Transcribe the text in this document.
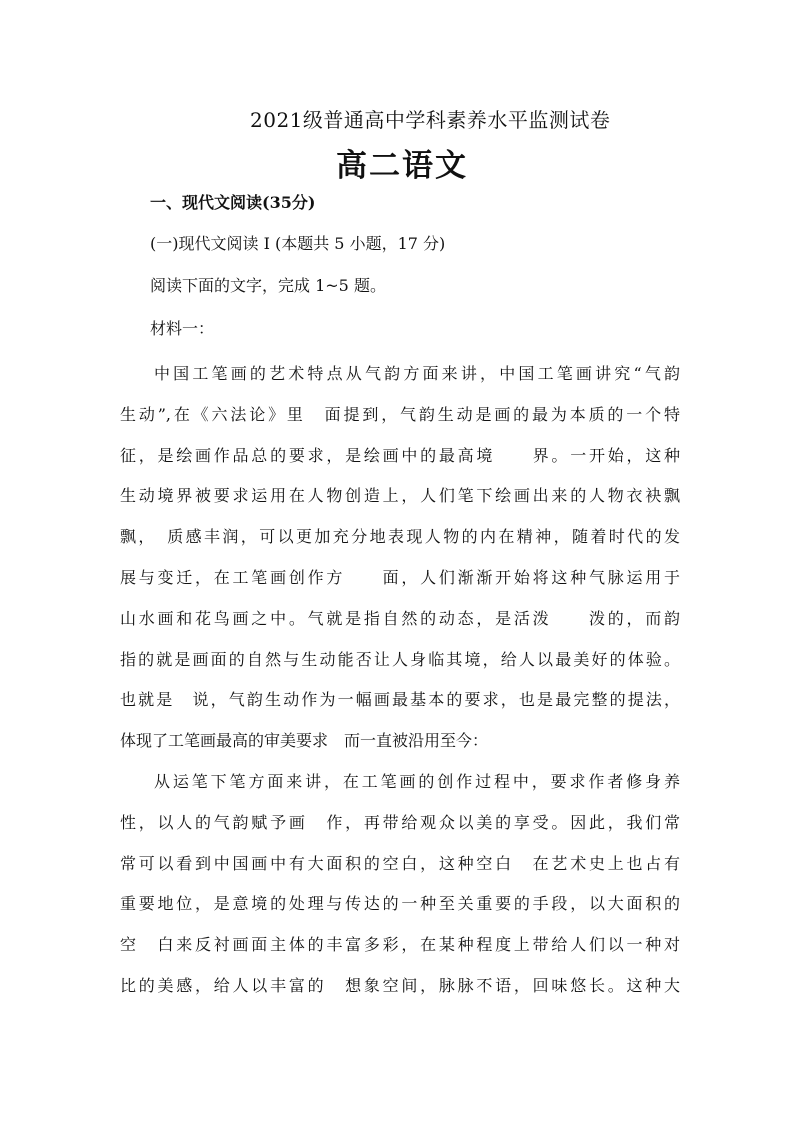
2021级普通高中学科素养水平监测试卷
高二语文
一、现代文阅读(35分)
(一)现代文阅读 I (本题共 5 小题，17 分)
阅读下面的文字，完成 1~5 题。
材料一：
中国工笔画的艺术特点从气韵方面来讲，中国工笔画讲究“气韵
生动”,在《六法论》里　面提到，气韵生动是画的最为本质的一个特
征，是绘画作品总的要求，是绘画中的最高境　　界。一开始，这种
生动境界被要求运用在人物创造上，人们笔下绘画出来的人物衣袂飘
飘，　质感丰润，可以更加充分地表现人物的内在精神，随着时代的发
展与变迁，在工笔画创作方　　面，人们渐渐开始将这种气脉运用于
山水画和花鸟画之中。气就是指自然的动态，是活泼　　泼的，而韵
指的就是画面的自然与生动能否让人身临其境，给人以最美好的体验。
也就是　说，气韵生动作为一幅画最基本的要求，也是最完整的提法，
体现了工笔画最高的审美要求　而一直被沿用至今：
从运笔下笔方面来讲，在工笔画的创作过程中，要求作者修身养
性，以人的气韵赋予画　作，再带给观众以美的享受。因此，我们常
常可以看到中国画中有大面积的空白，这种空白　在艺术史上也占有
重要地位，是意境的处理与传达的一种至关重要的手段，以大面积的
空　白来反衬画面主体的丰富多彩，在某种程度上带给人们以一种对
比的美感，给人以丰富的　想象空间，脉脉不语，回味悠长。这种大
